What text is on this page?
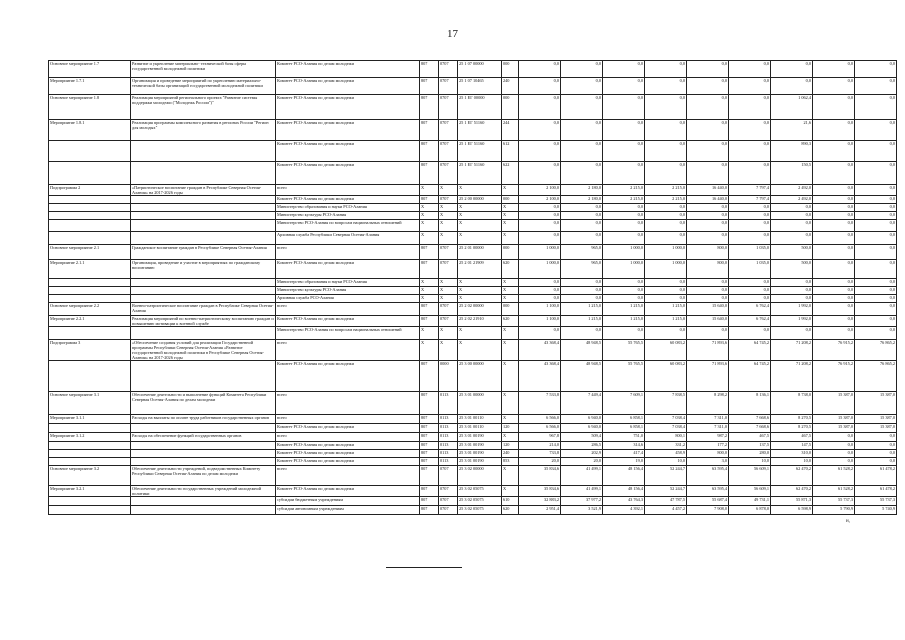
17
Основное мероприятие 1.7	Развитие и укрепление материально- технической базы сферы государственной молодежной политики	Комитет РСО-Алания по делам молодежи	807	0707	25 1 07 00000	000	0,0	0,0	0,0	0,0	0,0	0,0	0,0	0,0	0,0
Мероприятие 1.7.1	Организация и проведение мероприятий по укреплению материально-технической базы организаций государственной молодежной политики	Комитет РСО-Алания по делам молодежи	807	0707	25 1 07 10465	240	0,0	0,0	0,0	0,0	0,0	0,0	0,0	0,0	0,0
Основное мероприятие 1.8	Реализация мероприятий регионального проекта "Развитие системы поддержки молодежи ("Молодежь России")"	Комитет РСО-Алания по делам молодежи	807	0707	25 1 ЕГ 00000	000	0,0	0,0	0,0	0,0	0,0	0,0	1 062,4	0,0	0,0
Мероприятие 1.8.1	Реализация программы комплексного развития в регионах России "Регион для молодых"	Комитет РСО-Алания по делам молодежи	807	0707	25 1 ЕГ 51160	244	0,0	0,0	0,0	0,0	0,0	0,0	21,6	0,0	0,0
		Комитет РСО-Алания по делам молодежи	807	0707	25 1 ЕГ 51160	612	0,0	0,0	0,0	0,0	0,0	0,0	890,3	0,0	0,0
		Комитет РСО-Алания по делам молодежи	807	0707	25 1 ЕГ 51160	622	0,0	0,0	0,0	0,0	0,0	0,0	150,5	0,0	0,0
Подпрограмма 2	«Патриотическое воспитание граждан в Республике Северная Осетия-Алания» на 2017-2026 годы	всего	X	X	X	X	2 100,0	2 180,0	2 215,0	2 215,0	16 440,0	7 797,4	2 492,0	0,0	0,0
		Комитет РСО-Алания по делам молодежи	807	0707	25 2 00 00000	000	2 100,0	2 180,0	2 215,0	2 215,0	16 440,0	7 797,4	2 492,0	0,0	0,0
		Министерство образования и науки РСО-Алания	X	X	X	X	0,0	0,0	0,0	0,0	0,0	0,0	0,0	0,0	0,0
		Министерство культуры РСО-Алания	X	X	X	X	0,0	0,0	0,0	0,0	0,0	0,0	0,0	0,0	0,0
		Министерство РСО-Алания по вопросам национальных отношений	X	X	X	X	0,0	0,0	0,0	0,0	0,0	0,0	0,0	0,0	0,0
		Архивная служба Республики Северная Осетия-Алания	X	X	X	X	0,0	0,0	0,0	0,0	0,0	0,0	0,0	0,0	0,0
Основное мероприятие 2.1	Гражданское воспитание граждан в Республике Северная Осетия-Алания	всего	807	0707	25 2 01 00000	000	1 000,0	965,0	1 000,0	1 000,0	800,0	1 035,0	500,0	0,0	0,0
Мероприятие 2.1.1	Организация, проведение и участие в мероприятиях по гражданскому воспитанию	Комитет РСО-Алания по делам молодежи	807	0707	25 2 01 21909	620	1 000,0	965,0	1 000,0	1 000,0	800,0	1 035,0	500,0	0,0	0,0
		Министерство образования и науки РСО-Алания	X	X	X	X	0,0	0,0	0,0	0,0	0,0	0,0	0,0	0,0	0,0
		Министерство культуры РСО-Алания	X	X	X	X	0,0	0,0	0,0	0,0	0,0	0,0	0,0	0,0	0,0
		Архивная служба РСО-Алания	X	X	X	X	0,0	0,0	0,0	0,0	0,0	0,0	0,0	0,0	0,0
Основное мероприятие 2.2	Военно-патриотическое воспитание граждан в Республике Северная Осетия-Алания	всего	807	0707	25 2 02 00000	000	1 100,0	1 215,0	1 215,0	1 215,0	15 640,0	6 762,4	1 992,0	0,0	0,0
Мероприятие 2.2.1	Реализация мероприятий по военно-патриотическому воспитанию граждан и повышению мотивации к военной службе	Комитет РСО-Алания по делам молодежи	807	0707	25 2 02 21910	620	1 100,0	1 215,0	1 215,0	1 215,0	15 640,0	6 762,4	1 992,0	0,0	0,0
		Министерство РСО-Алания по вопросам национальных отношений	X	X	X	X	0,0	0,0	0,0	0,0	0,0	0,0	0,0	0,0	0,0
Подпрограмма 3	«Обеспечение создания условий для реализации Государственной программы Республики Северная Осетия-Алания «Развитие государственной молодежной политики в Республике Северная Осетия-Алания» на 2017-2026 годы	всего	X	X	X	X	43 368,4	48 948,5	55 765,5	60 083,2	71 893,6	64 745,2	71 208,2	76 915,2	76 865,2
		Комитет РСО-Алания по делам молодежи	807	0000	25 3 00 00000	X	43 368,4	48 948,5	55 765,5	60 083,2	71 893,6	64 745,2	71 208,2	76 915,2	76 865,2
Основное мероприятие 3.1	Обеспечение деятельности и выполнение функций Комитета Республики Северная Осетия-Алания по делам молодежи	всего	807	0113	25 3 01 00000	X	7 533,8	7 449,4	7 609,1	7 838,5	8 298,2	8 136,1	8 738,0	15 387,0	15 387,0
Мероприятие 3.1.1	Расходы на выплаты по оплате труда работников государственных органов	всего	807	0113	25 3 01 00110	X	6 566,0	6 940,0	6 858,1	7 038,4	7 311,0	7 668,6	8 270,5	15 387,0	15 387,0
		Комитет РСО-Алания по делам молодежи	807	0113	25 3 01 00110	120	6 566,0	6 940,0	6 858,1	7 038,4	7 311,0	7 668,6	8 270,5	15 387,0	15 387,0
Мероприятие 3.1.2	Расходы на обеспечение функций государственных органов	всего	807	0113	25 3 01 00190	X	967,8	509,4	751,0	800,1	987,2	467,5	467,5	0,0	0,0
		Комитет РСО-Алания по делам молодежи	807	0113	25 3 01 00190	120	214,0	286,5	314,6	331,2	177,2	137,5	147,5	0,0	0,0
		Комитет РСО-Алания по делам молодежи	807	0113	25 3 01 00190	240	733,8	202,9	417,4	458,9	800,0	280,0	310,0	0,0	0,0
		Комитет РСО-Алания по делам молодежи	807	0113	25 3 01 00190	853	20,0	20,0	19,0	10,0	3,0	10,0	10,0	0,0	0,0
Основное мероприятие 3.2	Обеспечение деятельности учреждений, подведомственных Комитету Республики Северная Осетия-Алания по делам молодежи	всего	807	0707	25 3 02 00000	X	35 834,6	41 499,1	48 156,4	52 244,7	63 595,4	56 609,1	62 470,2	61 528,2	61 478,2
Мероприятие 3.2.1	Обеспечение деятельности государственных учреждений молодежной политики	Комитет РСО-Алания по делам молодежи	807	0707	25 3 02 05075	X	35 834,6	41 499,1	48 156,4	52 244,7	63 595,4	56 609,1	62 470,2	61 528,2	61 478,2
		субсидии бюджетным учреждениям	807	0707	25 3 02 05075	610	32 883,2	37 977,2	43 764,3	47 787,5	55 687,4	49 731,1	55 871,3	55 737,3	55 737,3
		субсидии автономным учреждениям	807	0707	25 3 02 05075	620	2 951,4	3 521,9	4 392,1	4 457,2	7 908,0	6 878,0	6 598,9	5 790,9	5 740,9
н,
